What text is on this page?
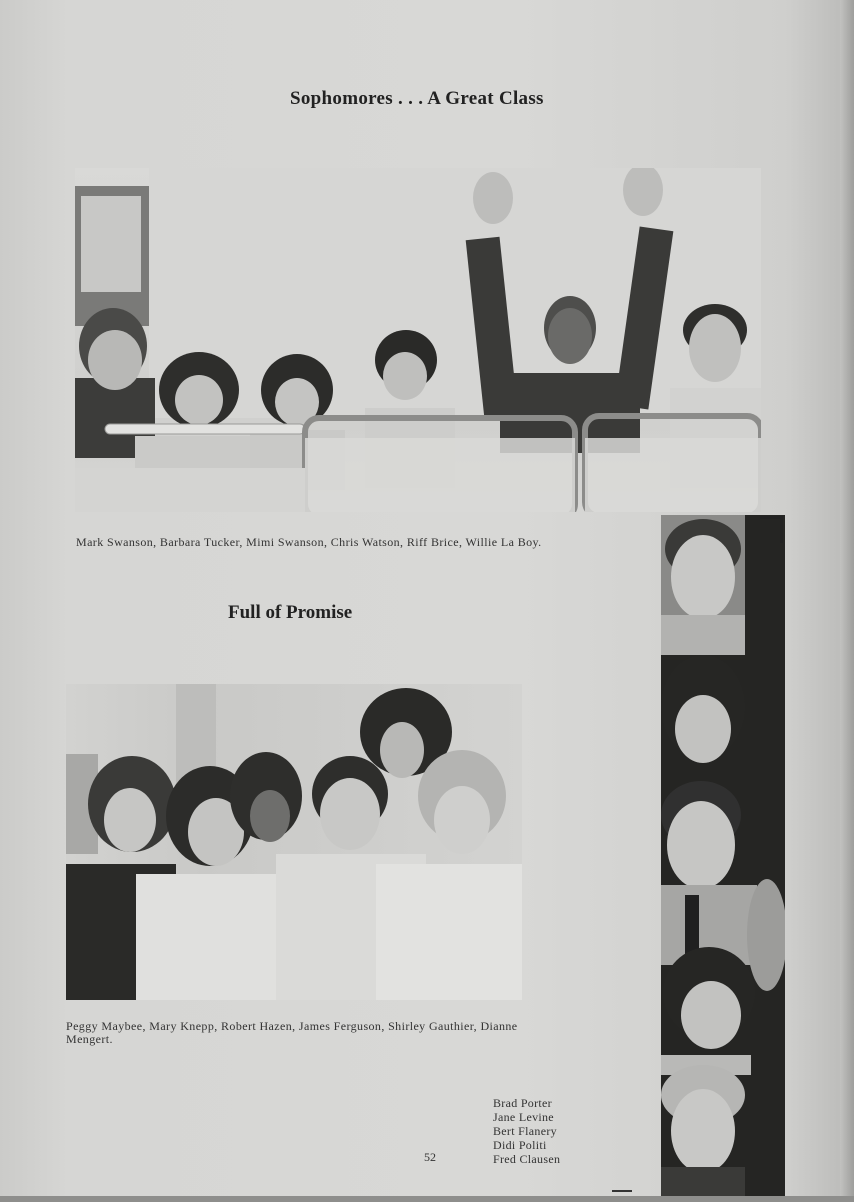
Sophomores . . . A Great Class
Mark Swanson, Barbara Tucker, Mimi Swanson, Chris Watson, Riff Brice, Willie La Boy.
Full of Promise
Peggy Maybee, Mary Knepp, Robert Hazen, James Ferguson, Shirley Gauthier, Dianne Mengert.
Brad Porter
Jane Levine
Bert Flanery
Didi Politi
Fred Clausen
52
